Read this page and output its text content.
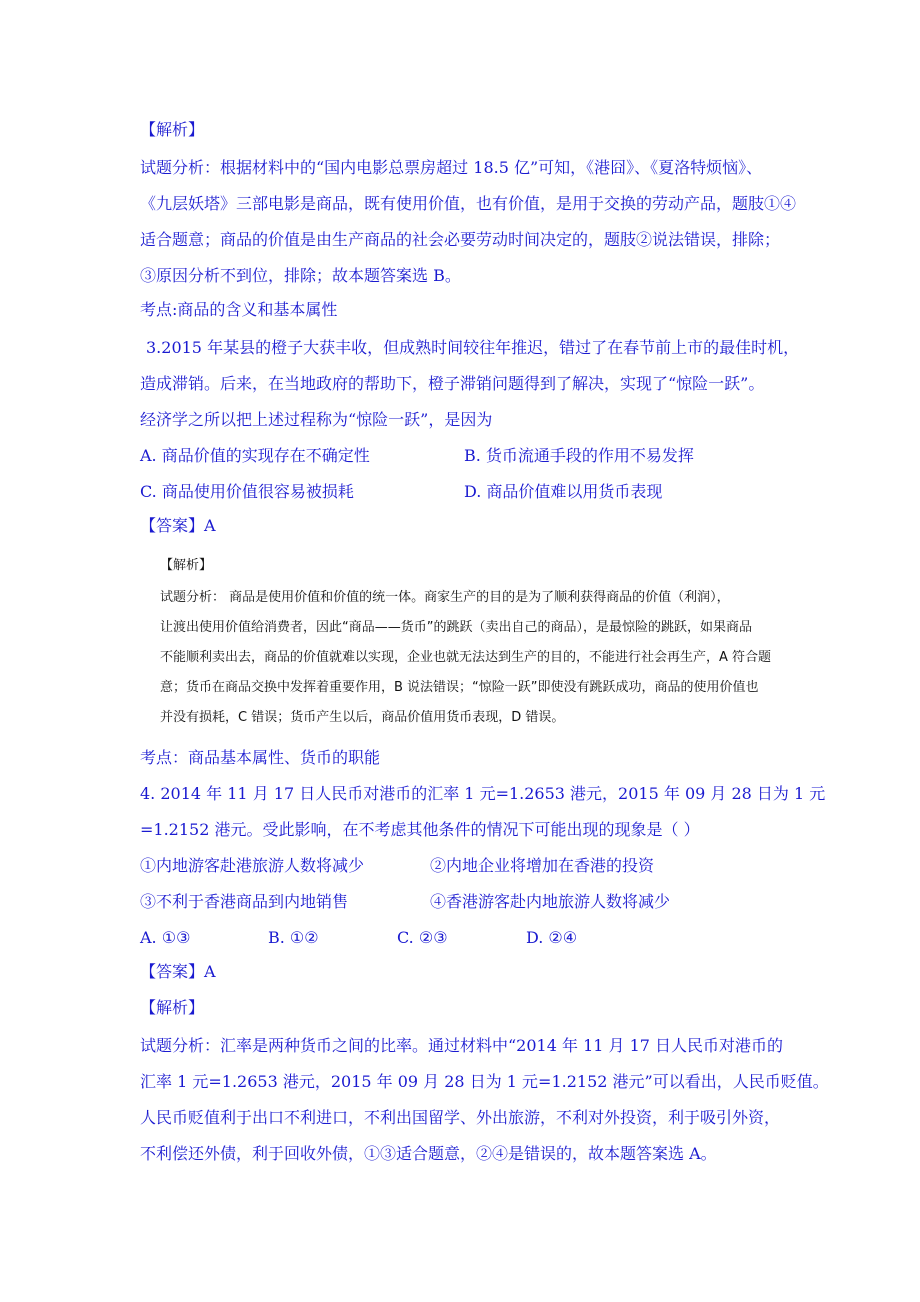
【解析】
试题分析：根据材料中的“国内电影总票房超过 18.5 亿”可知，《港囧》、《夏洛特烦恼》、
《九层妖塔》三部电影是商品，既有使用价值，也有价值，是用于交换的劳动产品，题肢①④
适合题意；商品的价值是由生产商品的社会必要劳动时间决定的，题肢②说法错误，排除；
③原因分析不到位，排除；故本题答案选 B。
考点:商品的含义和基本属性
3.2015 年某县的橙子大获丰收，但成熟时间较往年推迟，错过了在春节前上市的最佳时机，
造成滞销。后来，在当地政府的帮助下，橙子滞销问题得到了解决，实现了“惊险一跃”。
经济学之所以把上述过程称为“惊险一跃”，是因为
A. 商品价值的实现存在不确定性	B. 货币流通手段的作用不易发挥
C. 商品使用价值很容易被损耗	D. 商品价值难以用货币表现
【答案】A
【解析】
试题分析： 商品是使用价值和价值的统一体。商家生产的目的是为了顺利获得商品的价值（利润），
让渡出使用价值给消费者，因此“商品——货币”的跳跃（卖出自己的商品），是最惊险的跳跃，如果商品
不能顺利卖出去，商品的价值就难以实现，企业也就无法达到生产的目的，不能进行社会再生产，A 符合题
意；货币在商品交换中发挥着重要作用，B 说法错误；“惊险一跃”即使没有跳跃成功，商品的使用价值也
并没有损耗，C 错误；货币产生以后，商品价值用货币表现，D 错误。
考点：商品基本属性、货币的职能
4. 2014 年 11 月 17 日人民币对港币的汇率 1 元=1.2653 港元，2015 年 09 月 28 日为 1 元
=1.2152 港元。受此影响，在不考虑其他条件的情况下可能出现的现象是（ ）
①内地游客赴港旅游人数将减少	②内地企业将增加在香港的投资
③不利于香港商品到内地销售	④香港游客赴内地旅游人数将减少
A. ①③	B. ①②	C. ②③	D. ②④
【答案】A
【解析】
试题分析：汇率是两种货币之间的比率。通过材料中“2014 年 11 月 17 日人民币对港币的
汇率 1 元=1.2653 港元，2015 年 09 月 28 日为 1 元=1.2152 港元”可以看出，人民币贬值。
人民币贬值利于出口不利进口，不利出国留学、外出旅游，不利对外投资，利于吸引外资，
不利偿还外债，利于回收外债，①③适合题意，②④是错误的，故本题答案选 A。
